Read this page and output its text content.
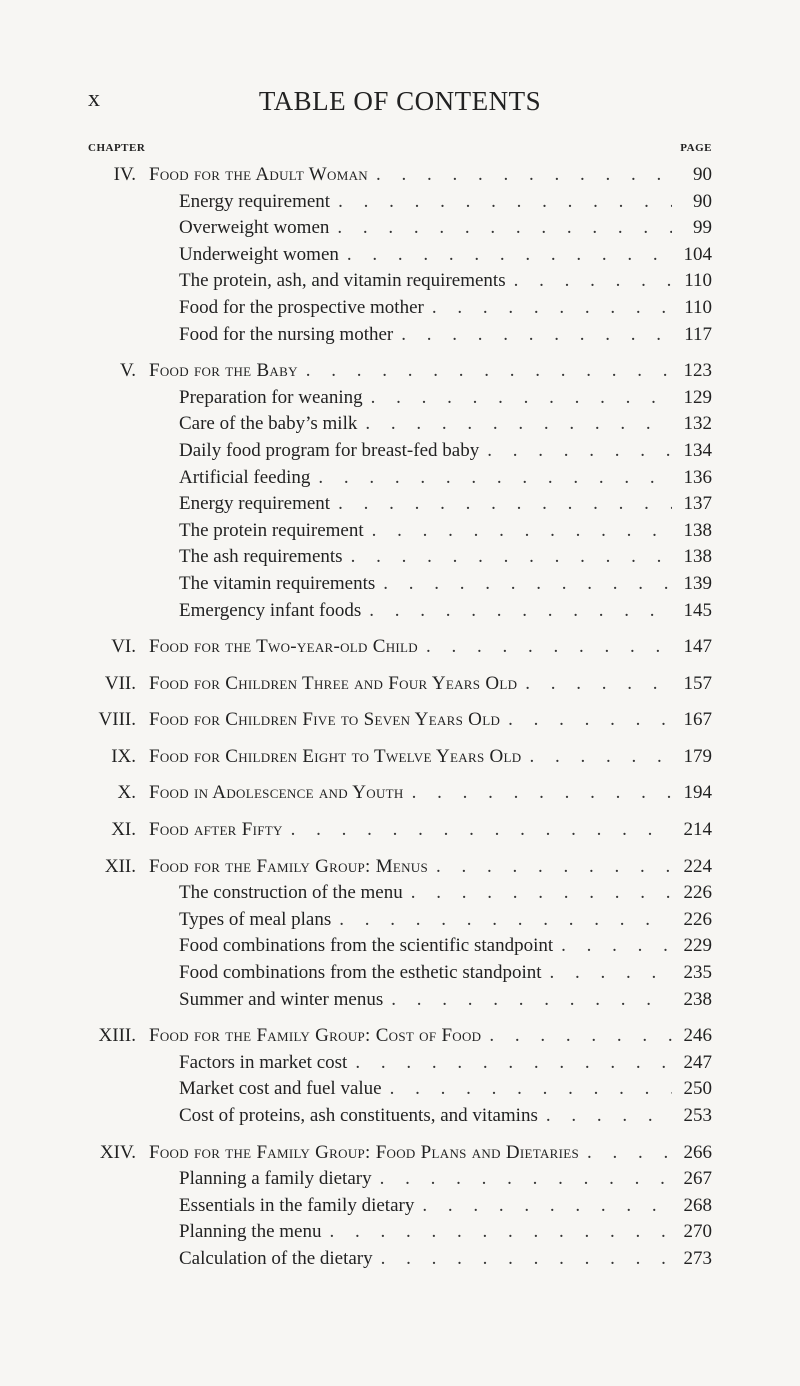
x	TABLE OF CONTENTS
CHAPTER	PAGE
IV. Food for the Adult Woman . . .	90
Energy requirement . . .	90
Overweight women . . .	99
Underweight women . . .	104
The protein, ash, and vitamin requirements . . .	110
Food for the prospective mother . . .	110
Food for the nursing mother . . .	117
V. Food for the Baby . . .	123
Preparation for weaning . . .	129
Care of the baby’s milk . . .	132
Daily food program for breast-fed baby . . .	134
Artificial feeding . . .	136
Energy requirement . . .	137
The protein requirement . . .	138
The ash requirements . . .	138
The vitamin requirements . . .	139
Emergency infant foods . . .	145
VI. Food for the Two-year-old Child . . .	147
VII. Food for Children Three and Four Years Old . . .	157
VIII. Food for Children Five to Seven Years Old . . .	167
IX. Food for Children Eight to Twelve Years Old . . .	179
X. Food in Adolescence and Youth . . .	194
XI. Food after Fifty . . .	214
XII. Food for the Family Group: Menus . . .	224
The construction of the menu . . .	226
Types of meal plans . . .	226
Food combinations from the scientific standpoint . . .	229
Food combinations from the esthetic standpoint . . .	235
Summer and winter menus . . .	238
XIII. Food for the Family Group: Cost of Food . . .	246
Factors in market cost . . .	247
Market cost and fuel value . . .	250
Cost of proteins, ash constituents, and vitamins . . .	253
XIV. Food for the Family Group: Food Plans and Dietaries . . .	266
Planning a family dietary . . .	267
Essentials in the family dietary . . .	268
Planning the menu . . .	270
Calculation of the dietary . . .	273
